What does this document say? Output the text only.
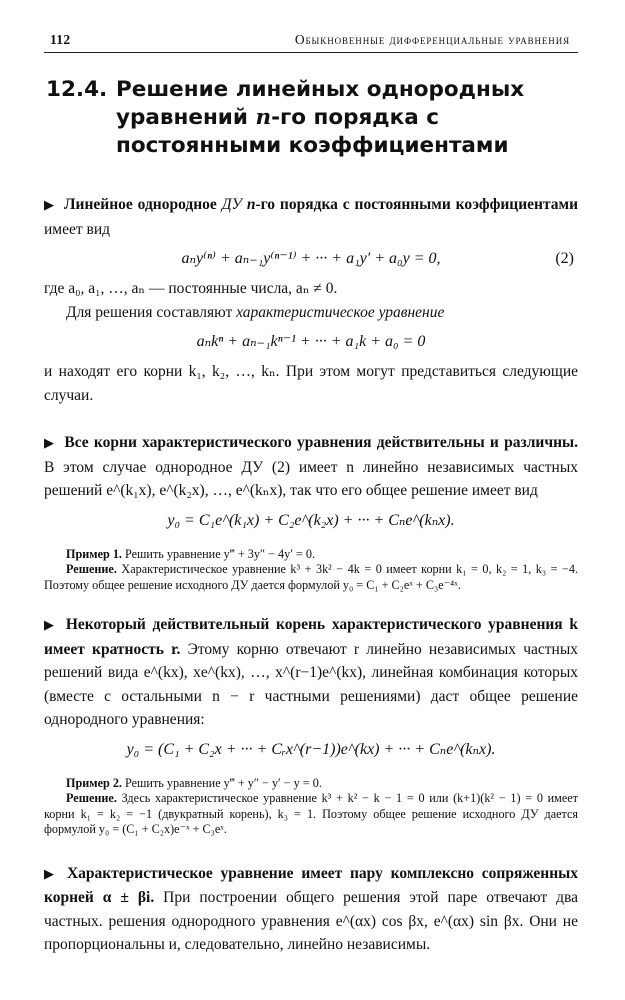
112	Обыкновенные дифференциальные уравнения
12.4. Решение линейных однородных уравнений n-го порядка с постоянными коэффициентами

▶ Линейное однородное ДУ n-го порядка с постоянными коэффициентами имеет вид

aₙy⁽ⁿ⁾ + aₙ₋₁y⁽ⁿ⁻¹⁾ + ··· + a₁y′ + a₀y = 0,	(2)

где a₀, a₁, …, aₙ — постоянные числа, aₙ ≠ 0.

Для решения составляют характеристическое уравнение

aₙkⁿ + aₙ₋₁kⁿ⁻¹ + ··· + a₁k + a₀ = 0

и находят его корни k₁, k₂, …, kₙ. При этом могут представиться следующие случаи.

▶ Все корни характеристического уравнения действительны и различны. В этом случае однородное ДУ (2) имеет n линейно независимых частных решений e^(k₁x), e^(k₂x), …, e^(kₙx), так что его общее решение имеет вид

y₀ = C₁e^(k₁x) + C₂e^(k₂x) + ··· + Cₙe^(kₙx).

Пример 1. Решить уравнение y‴ + 3y″ − 4y′ = 0.

Решение. Характеристическое уравнение k³ + 3k² − 4k = 0 имеет корни k₁ = 0, k₂ = 1, k₃ = −4. Поэтому общее решение исходного ДУ дается формулой y₀ = C₁ + C₂eˣ + C₃e⁻⁴ˣ.

▶ Некоторый действительный корень характеристического уравнения k имеет кратность r. Этому корню отвечают r линейно независимых частных решений вида e^(kx), xe^(kx), …, x^(r−1)e^(kx), линейная комбинация которых (вместе с остальными n − r частными решениями) даст общее решение однородного уравнения:

y₀ = (C₁ + C₂x + ··· + Cᵣx^(r−1))e^(kx) + ··· + Cₙe^(kₙx).

Пример 2. Решить уравнение y‴ + y″ − y′ − y = 0.

Решение. Здесь характеристическое уравнение k³ + k² − k − 1 = 0 или (k+1)(k² − 1) = 0 имеет корни k₁ = k₂ = −1 (двукратный корень), k₃ = 1. Поэтому общее решение исходного ДУ дается формулой y₀ = (C₁ + C₂x)e⁻ˣ + C₃eˣ.

▶ Характеристическое уравнение имеет пару комплексно сопряженных корней α ± βi. При построении общего решения этой паре отвечают два частных. решения однородного уравнения e^(αx) cos βx, e^(αx) sin βx. Они не пропорциональны и, следовательно, линейно независимы.
